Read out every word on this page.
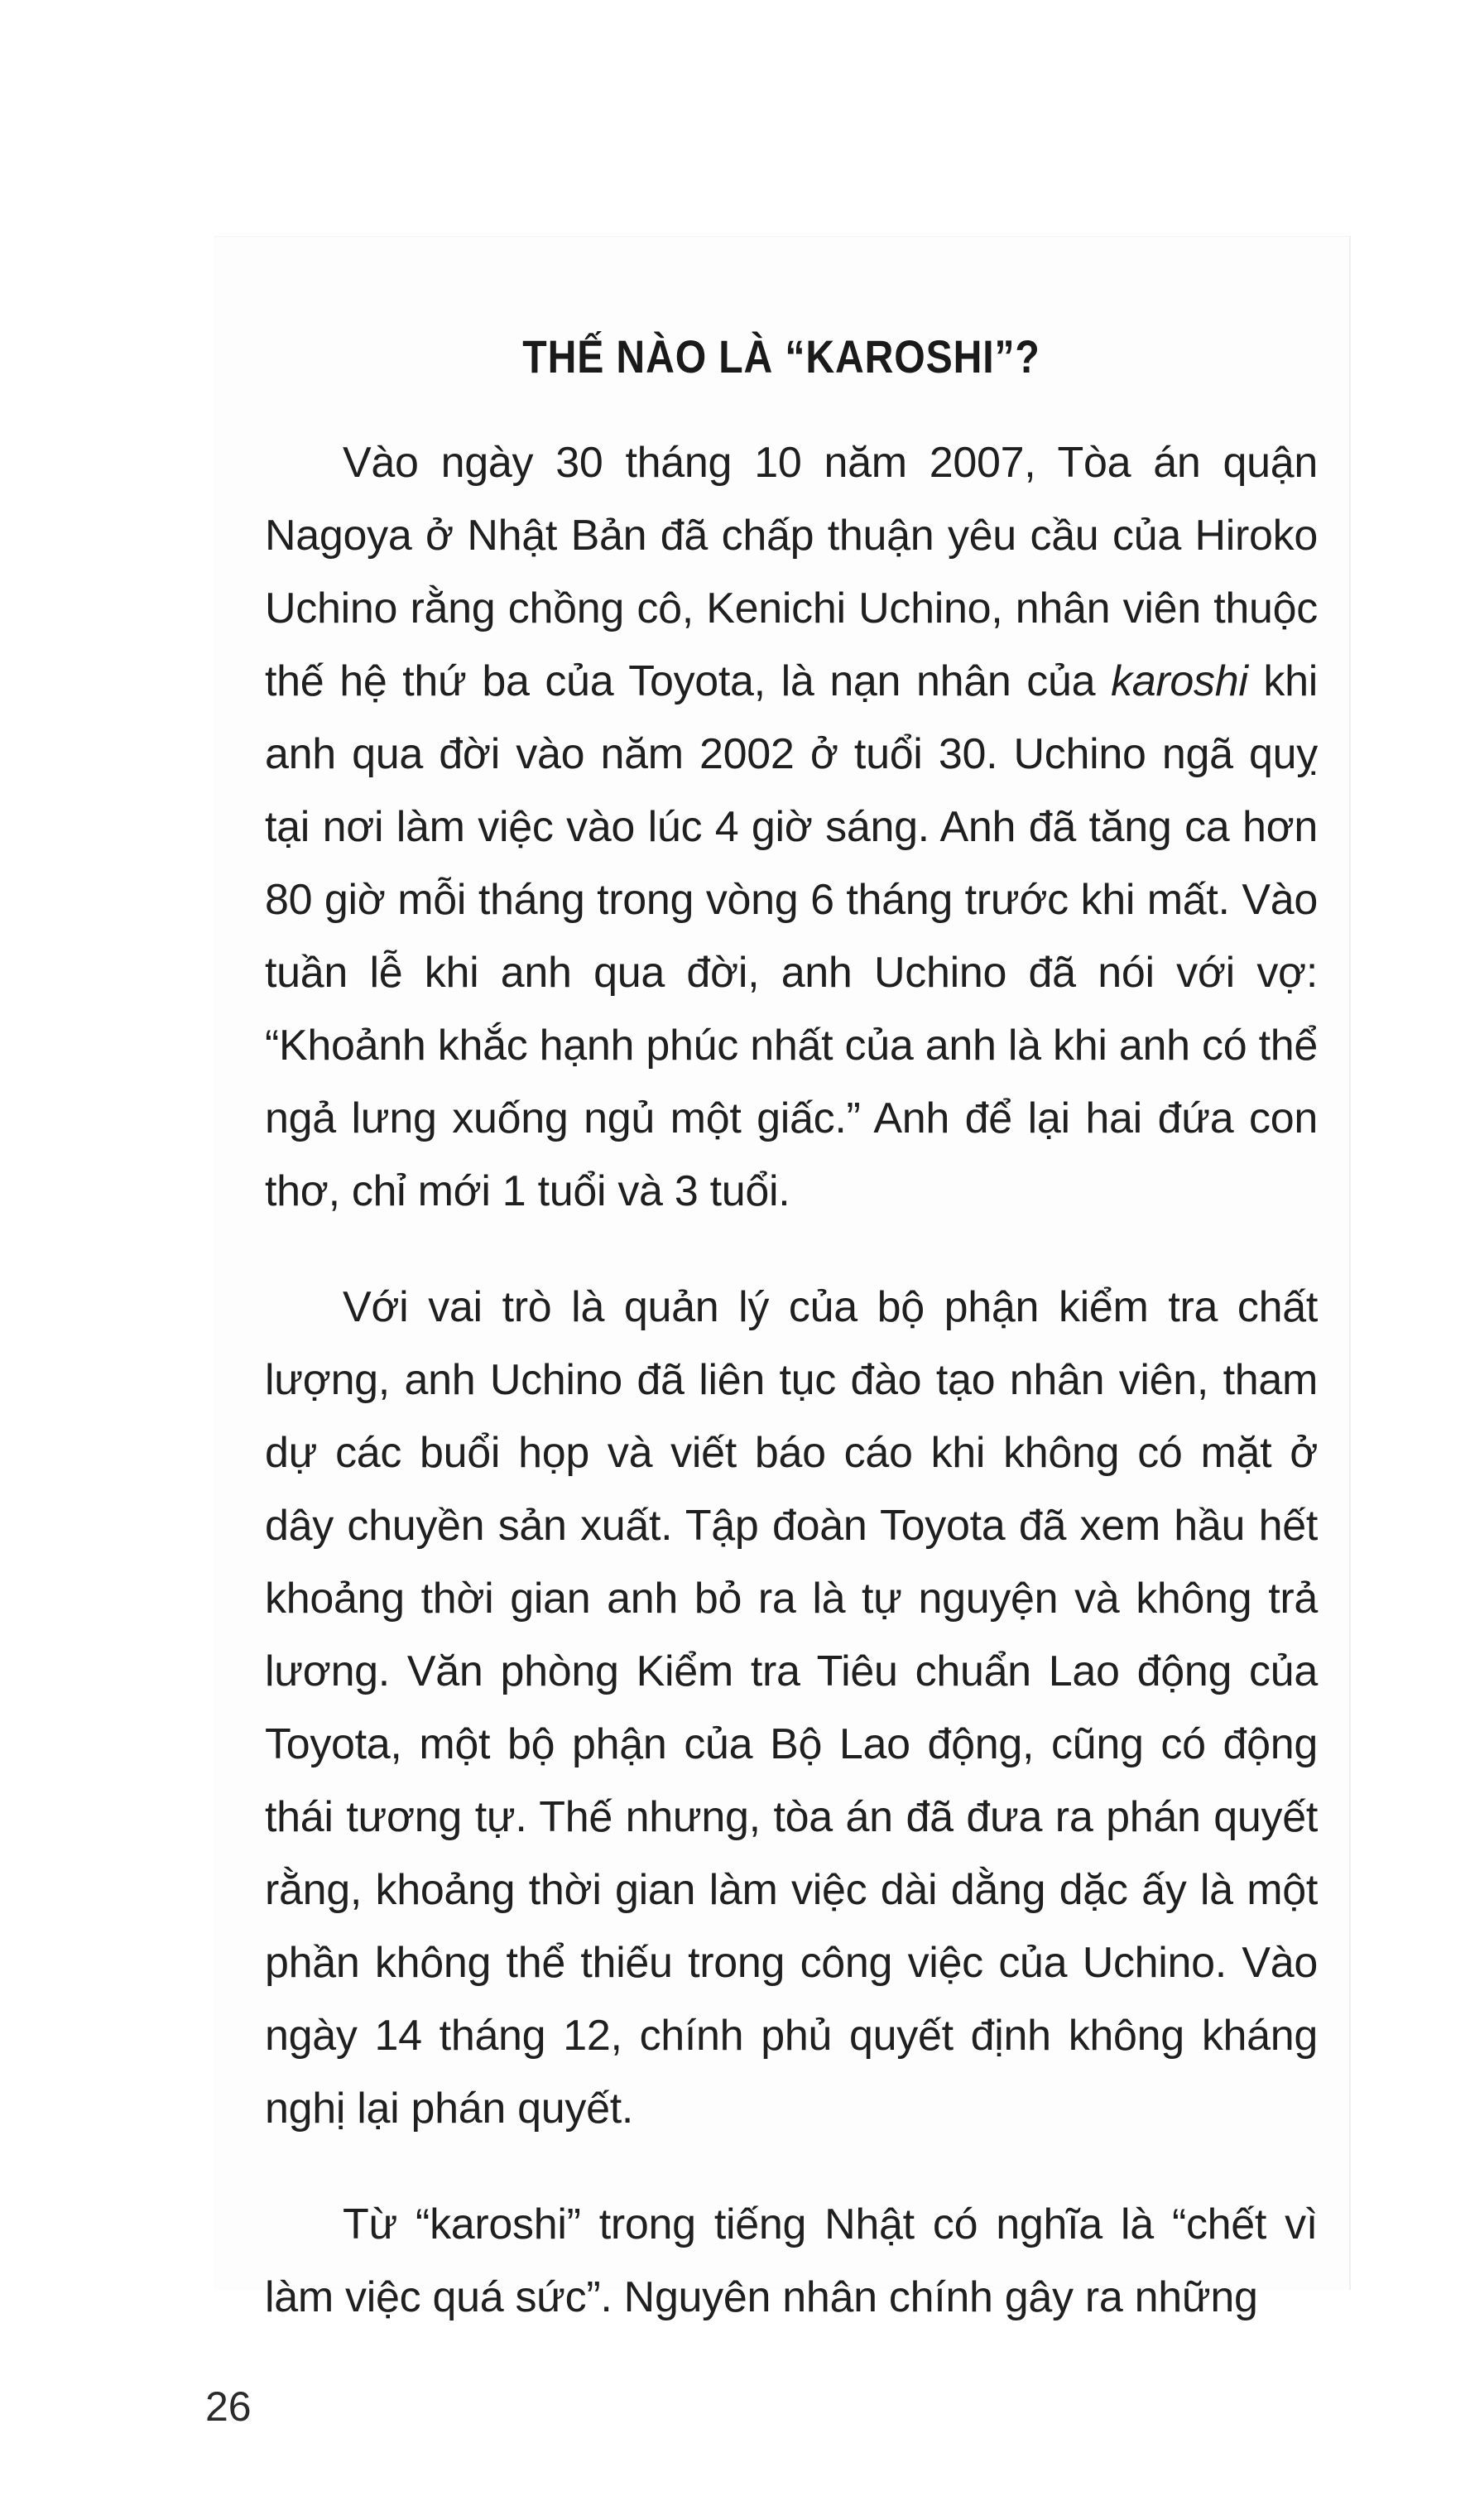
THẾ NÀO LÀ “KAROSHI”?

Vào ngày 30 tháng 10 năm 2007, Tòa án quận Nagoya ở Nhật Bản đã chấp thuận yêu cầu của Hiroko Uchino rằng chồng cô, Kenichi Uchino, nhân viên thuộc thế hệ thứ ba của Toyota, là nạn nhân của karoshi khi anh qua đời vào năm 2002 ở tuổi 30. Uchino ngã quỵ tại nơi làm việc vào lúc 4 giờ sáng. Anh đã tăng ca hơn 80 giờ mỗi tháng trong vòng 6 tháng trước khi mất. Vào tuần lễ khi anh qua đời, anh Uchino đã nói với vợ: “Khoảnh khắc hạnh phúc nhất của anh là khi anh có thể ngả lưng xuống ngủ một giấc.” Anh để lại hai đứa con thơ, chỉ mới 1 tuổi và 3 tuổi.

Với vai trò là quản lý của bộ phận kiểm tra chất lượng, anh Uchino đã liên tục đào tạo nhân viên, tham dự các buổi họp và viết báo cáo khi không có mặt ở dây chuyền sản xuất. Tập đoàn Toyota đã xem hầu hết khoảng thời gian anh bỏ ra là tự nguyện và không trả lương. Văn phòng Kiểm tra Tiêu chuẩn Lao động của Toyota, một bộ phận của Bộ Lao động, cũng có động thái tương tự. Thế nhưng, tòa án đã đưa ra phán quyết rằng, khoảng thời gian làm việc dài dằng dặc ấy là một phần không thể thiếu trong công việc của Uchino. Vào ngày 14 tháng 12, chính phủ quyết định không kháng nghị lại phán quyết.

Từ “karoshi” trong tiếng Nhật có nghĩa là “chết vì làm việc quá sức”. Nguyên nhân chính gây ra những

26
